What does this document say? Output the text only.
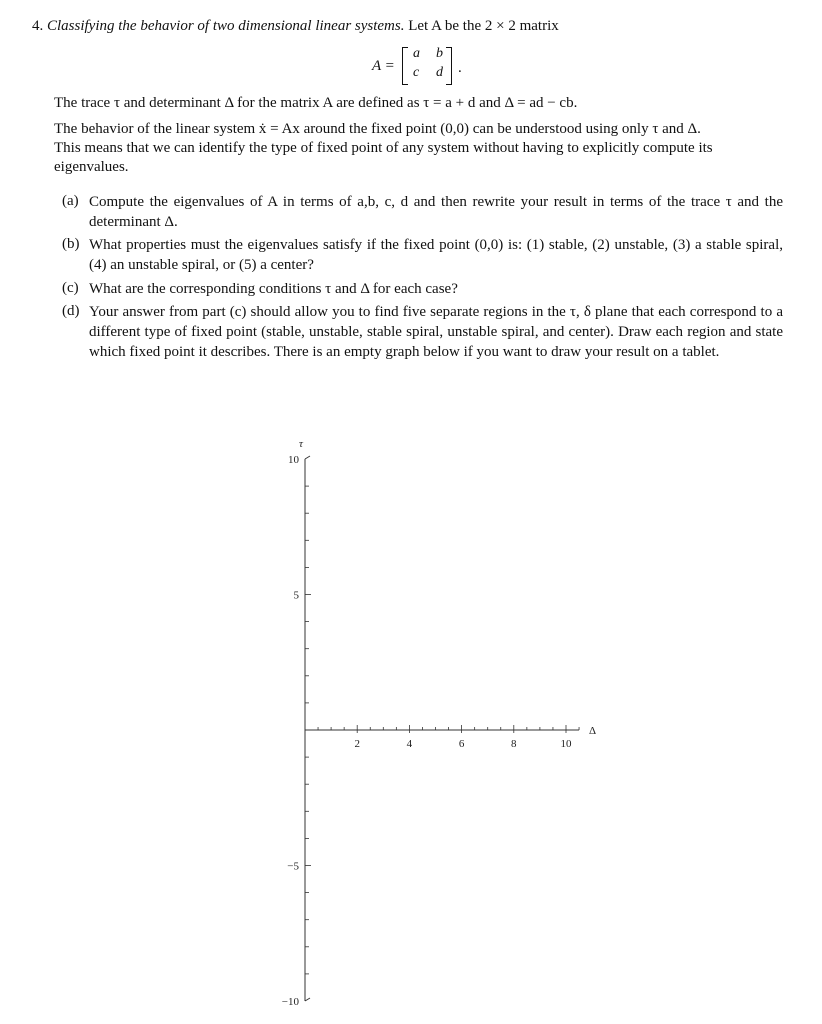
4. Classifying the behavior of two dimensional linear systems. Let A be the 2 × 2 matrix
A =
a b
c d .
The trace τ and determinant Δ for the matrix A are defined as τ = a + d and Δ = ad − cb.
The behavior of the linear system ẋ = Ax around the fixed point (0,0) can be understood using only τ and Δ.
This means that we can identify the type of fixed point of any system without having to explicitly compute its
eigenvalues.
(a) Compute the eigenvalues of A in terms of a,b, c, d and then rewrite your result in terms of the trace τ and the determinant Δ.
(b) What properties must the eigenvalues satisfy if the fixed point (0,0) is: (1) stable, (2) unstable, (3) a stable spiral, (4) an unstable spiral, or (5) a center?
(c) What are the corresponding conditions τ and Δ for each case?
(d) Your answer from part (c) should allow you to find five separate regions in the τ, δ plane that each correspond to a different type of fixed point (stable, unstable, stable spiral, unstable spiral, and center). Draw each region and state which fixed point it describes. There is an empty graph below if you want to draw your result on a tablet.
2	4	6	8	10
10
5
−5
−10
τ
Δ
